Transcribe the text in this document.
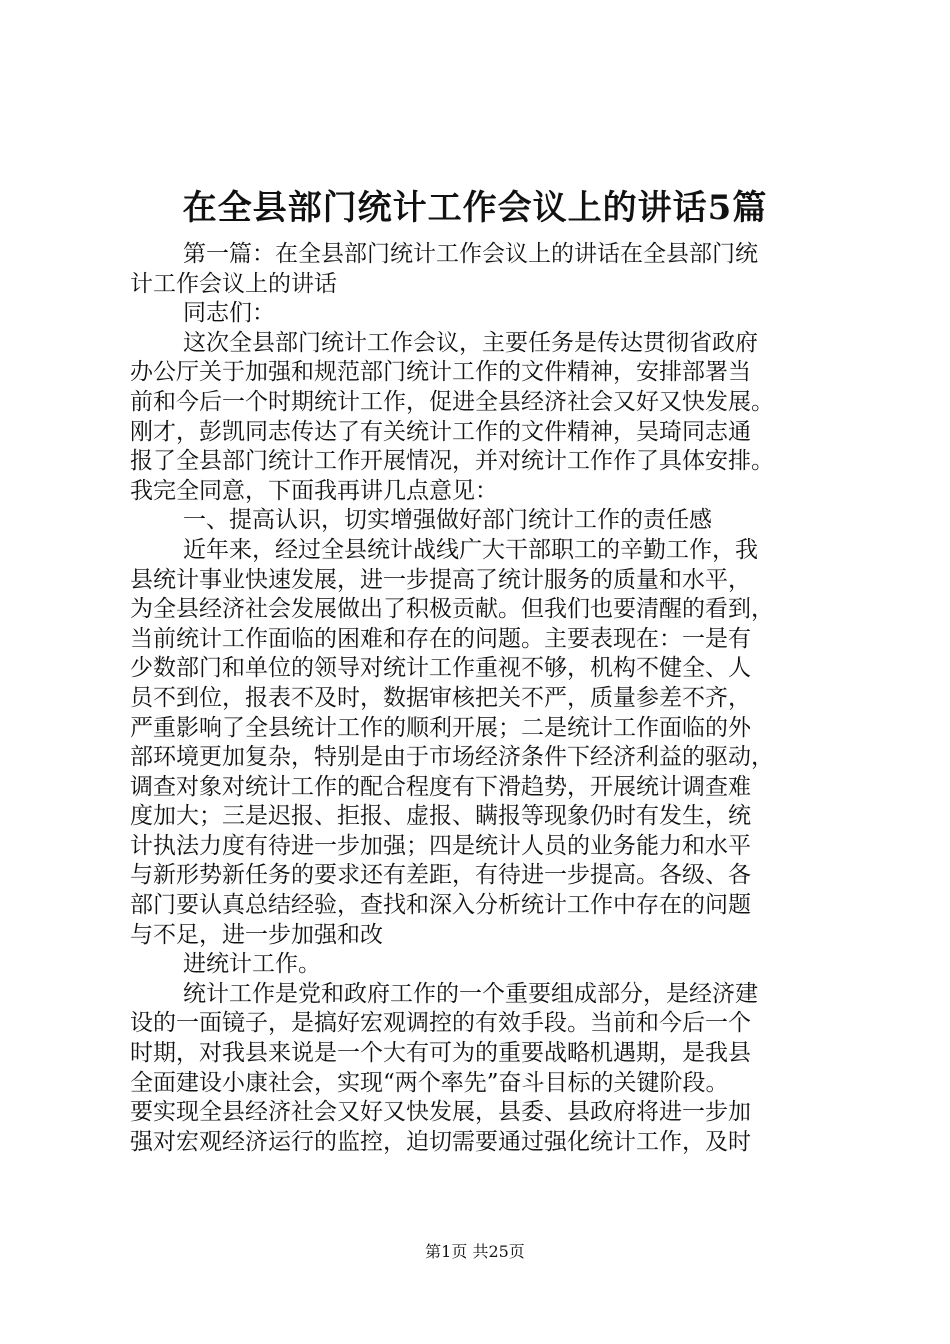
在全县部门统计工作会议上的讲话5篇
第一篇：在全县部门统计工作会议上的讲话在全县部门统
计工作会议上的讲话
同志们：
这次全县部门统计工作会议，主要任务是传达贯彻省政府
办公厅关于加强和规范部门统计工作的文件精神，安排部署当
前和今后一个时期统计工作，促进全县经济社会又好又快发展。
刚才，彭凯同志传达了有关统计工作的文件精神，吴琦同志通
报了全县部门统计工作开展情况，并对统计工作作了具体安排。
我完全同意，下面我再讲几点意见：
一、提高认识，切实增强做好部门统计工作的责任感
近年来，经过全县统计战线广大干部职工的辛勤工作，我
县统计事业快速发展，进一步提高了统计服务的质量和水平，
为全县经济社会发展做出了积极贡献。但我们也要清醒的看到，
当前统计工作面临的困难和存在的问题。主要表现在：一是有
少数部门和单位的领导对统计工作重视不够，机构不健全、人
员不到位，报表不及时，数据审核把关不严，质量参差不齐，
严重影响了全县统计工作的顺利开展；二是统计工作面临的外
部环境更加复杂，特别是由于市场经济条件下经济利益的驱动，
调查对象对统计工作的配合程度有下滑趋势，开展统计调查难
度加大；三是迟报、拒报、虚报、瞒报等现象仍时有发生，统
计执法力度有待进一步加强；四是统计人员的业务能力和水平
与新形势新任务的要求还有差距，有待进一步提高。各级、各
部门要认真总结经验，查找和深入分析统计工作中存在的问题
与不足，进一步加强和改
进统计工作。
统计工作是党和政府工作的一个重要组成部分，是经济建
设的一面镜子，是搞好宏观调控的有效手段。当前和今后一个
时期，对我县来说是一个大有可为的重要战略机遇期，是我县
全面建设小康社会，实现“两个率先”奋斗目标的关键阶段。
要实现全县经济社会又好又快发展，县委、县政府将进一步加
强对宏观经济运行的监控，迫切需要通过强化统计工作，及时
第1页 共25页
